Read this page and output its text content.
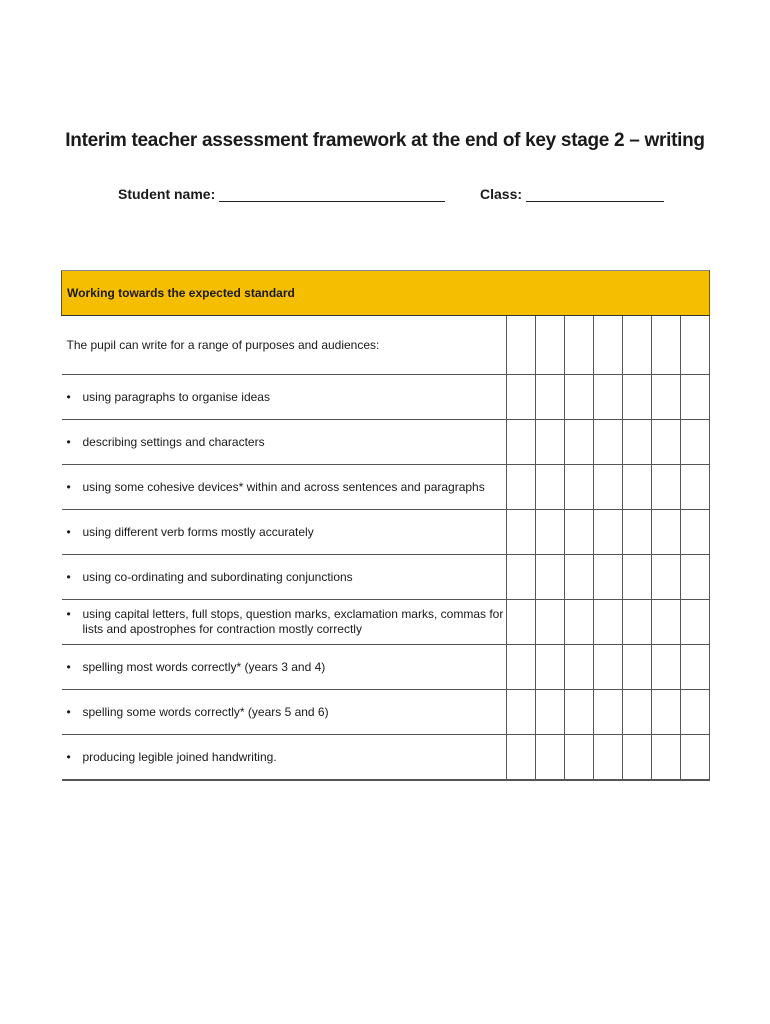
Interim teacher assessment framework at the end of key stage 2 – writing
Student name:	Class:
Working towards the expected standard							
The pupil can write for a range of purposes and audiences:							

• using paragraphs to organise ideas							

• describing settings and characters							

• using some cohesive devices* within and across sentences and paragraphs							

• using different verb forms mostly accurately							

• using co-ordinating and subordinating conjunctions							

• using capital letters, full stops, question marks, exclamation marks, commas for lists and apostrophes for contraction mostly correctly							

• spelling most words correctly* (years 3 and 4)							

• spelling some words correctly* (years 5 and 6)							

• producing legible joined handwriting.							
